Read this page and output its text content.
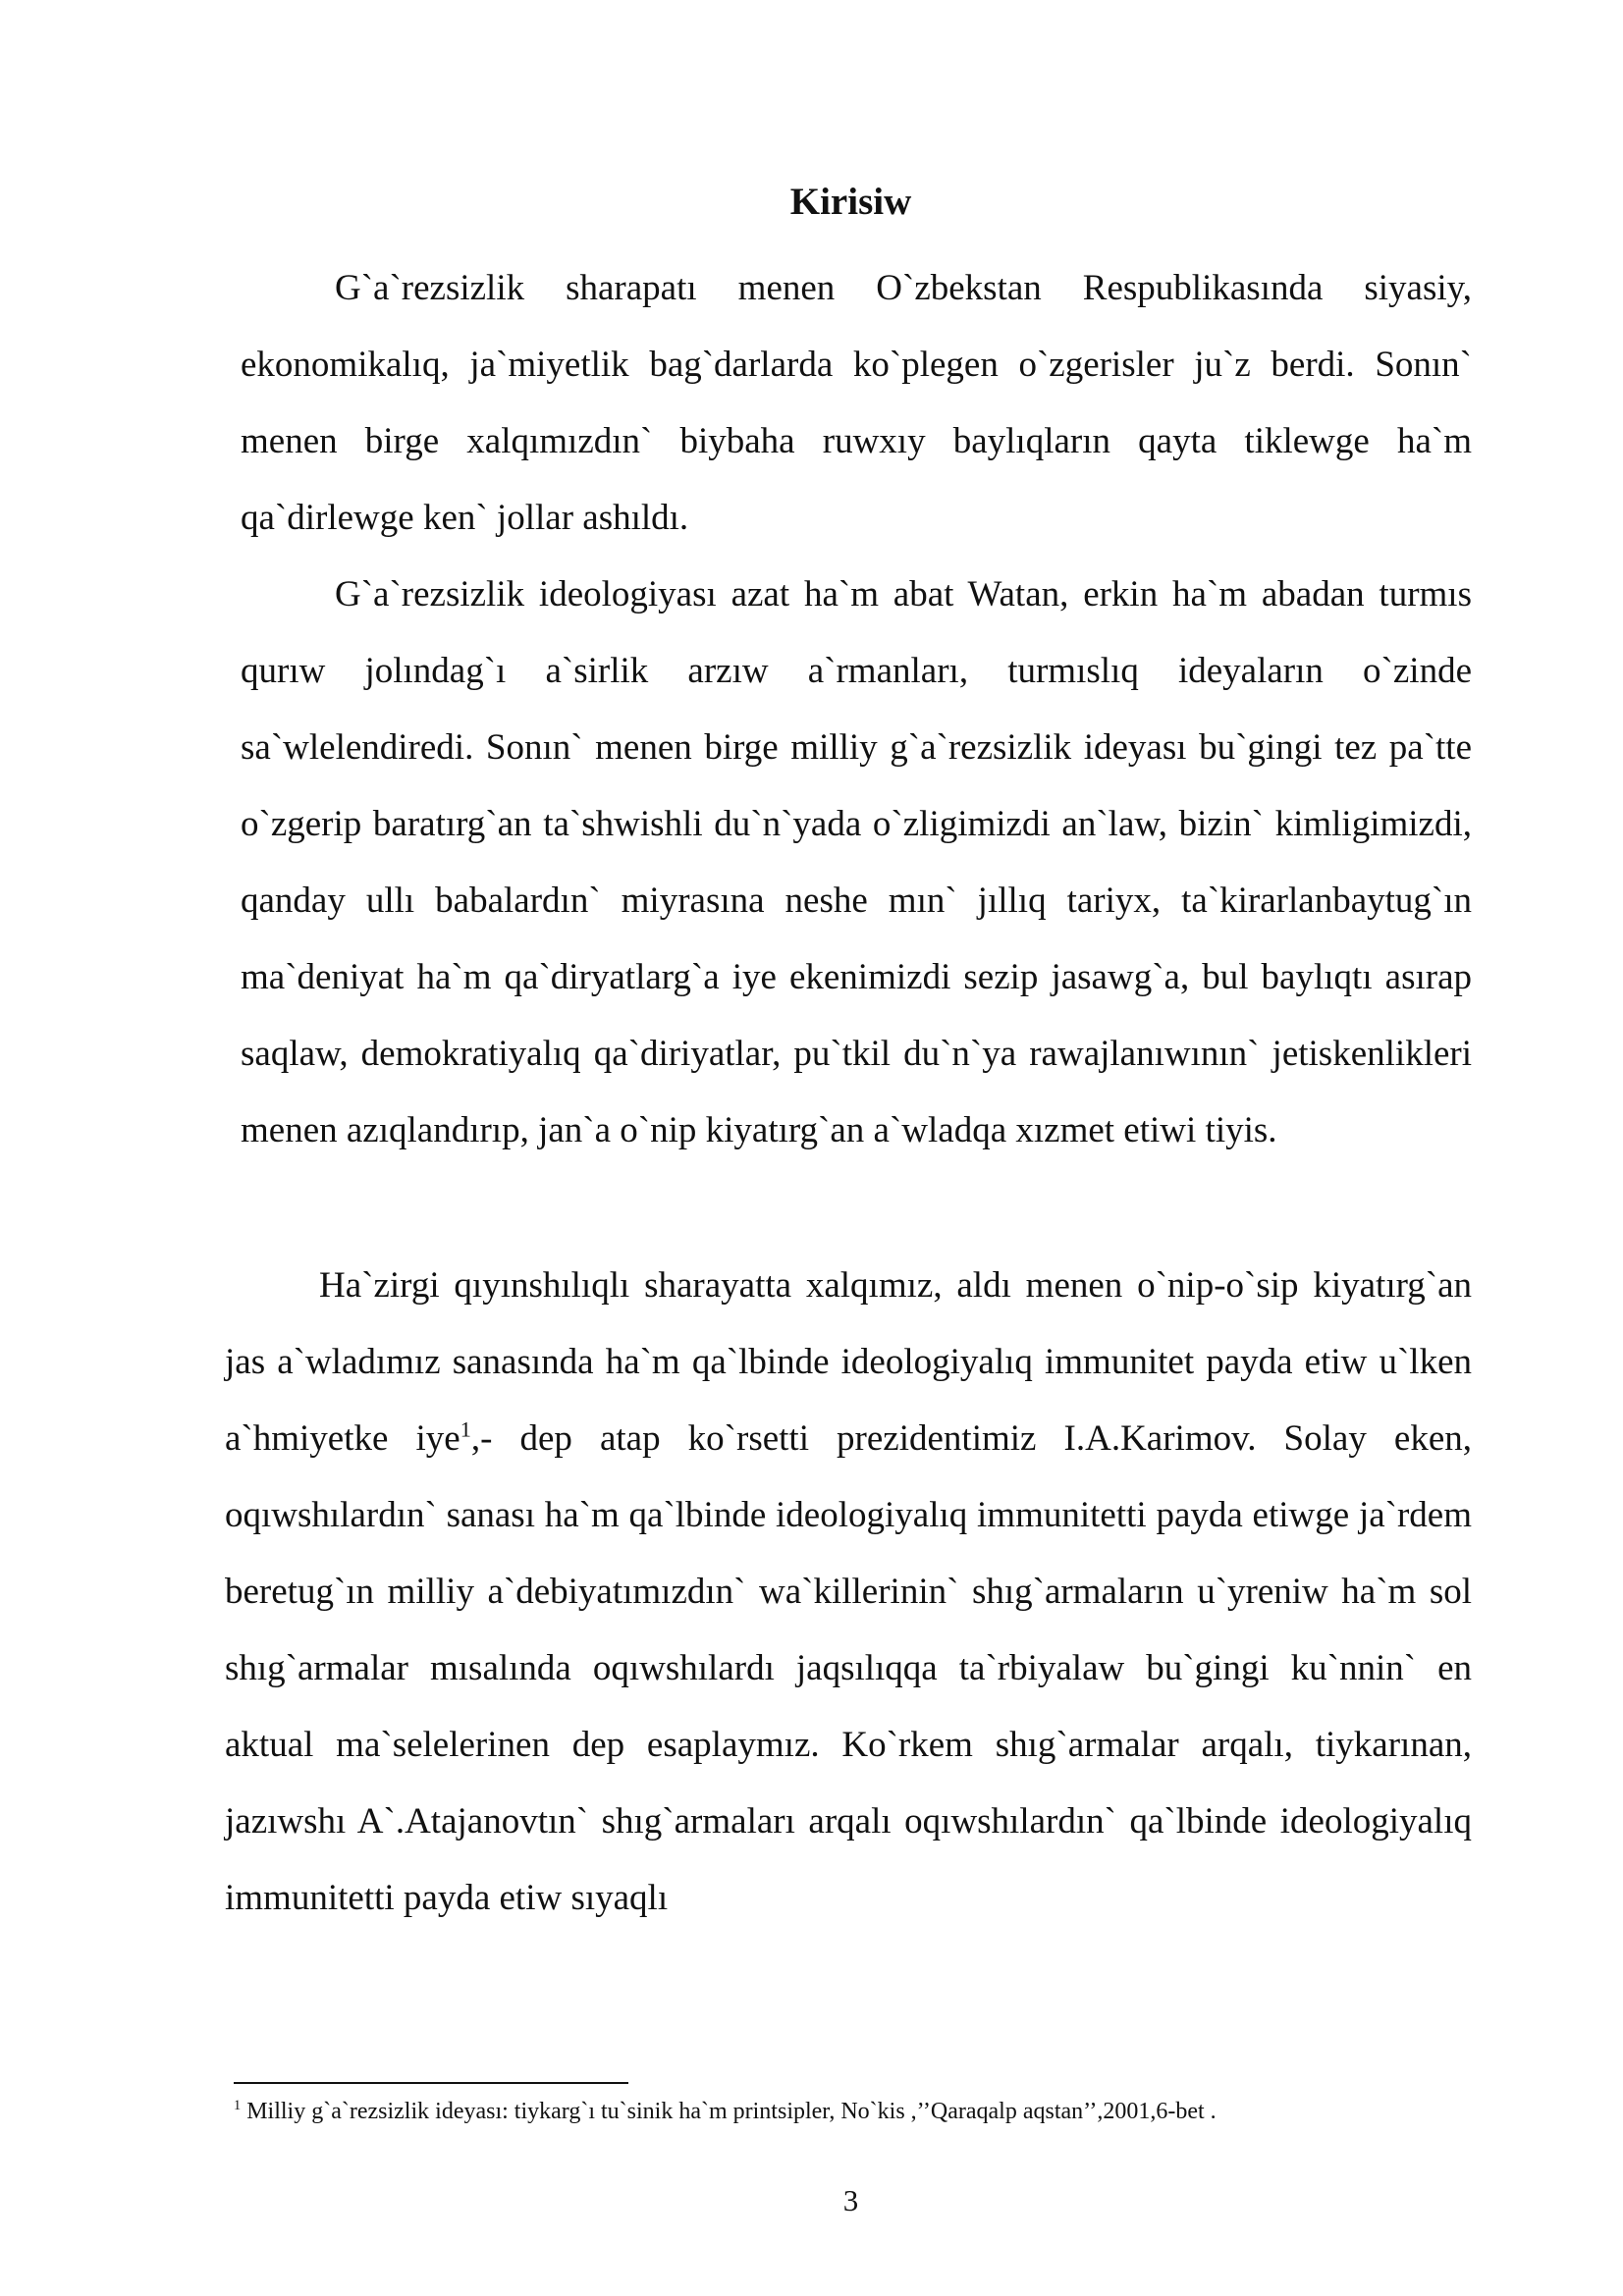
Kirisiw

G`a`rezsizlik sharapatı menen O`zbekstan Respublikasında siyasiy, ekonomikalıq, ja`miyetlik bag`darlarda ko`plegen o`zgerisler ju`z berdi. Sonın` menen birge xalqımızdın` biybaha ruwxıy baylıqların qayta tiklewge ha`m qa`dirlewge ken` jollar ashıldı.

G`a`rezsizlik ideologiyası azat ha`m abat Watan, erkin ha`m abadan turmıs qurıw jolındag`ı a`sirlik arzıw a`rmanları, turmıslıq ideyaların o`zinde sa`wlelendiredi. Sonın` menen birge milliy g`a`rezsizlik ideyası bu`gingi tez pa`tte o`zgerip baratırg`an ta`shwishli du`n`yada o`zligimizdi an`law, bizin` kimligimizdi, qanday ullı babalardın` miyrasına neshe mın` jıllıq tariyx, ta`kirarlanbaytug`ın ma`deniyat ha`m qa`diryatlarg`a iye ekenimizdi sezip jasawg`a, bul baylıqtı asırap saqlaw, demokratiyalıq qa`diriyatlar, pu`tkil du`n`ya rawajlanıwının` jetiskenlikleri menen azıqlandırıp, jan`a o`nip kiyatırg`an a`wladqa xızmet etiwi tiyis.

Ha`zirgi qıyınshılıqlı sharayatta xalqımız, aldı menen o`nip-o`sip kiyatırg`an jas a`wladımız sanasında ha`m qa`lbinde ideologiyalıq immunitet payda etiw u`lken a`hmiyetke iye$^1$,- dep atap ko`rsetti prezidentimiz I.A.Karimov. Solay eken, oqıwshılardın` sanası ha`m qa`lbinde ideologiyalıq immunitetti payda etiwge ja`rdem beretug`ın milliy a`debiyatımızdın` wa`killerinin` shıg`armaların u`yreniw ha`m sol shıg`armalar mısalında oqıwshılardı jaqsılıqqa ta`rbiyalaw bu`gingi ku`nnin` en aktual ma`selelerinen dep esaplaymız. Ko`rkem shıg`armalar arqalı, tiykarınan, jazıwshı A`.Atajanovtın` shıg`armaları arqalı oqıwshılardın` qa`lbinde ideologiyalıq immunitetti payda etiw sıyaqlı

$^1$ Milliy g`a`rezsizlik ideyası: tiykarg`ı tu`sinik ha`m printsipler, No`kis ,’’Qaraqalp aqstan’’,2001,6-bet .

3
